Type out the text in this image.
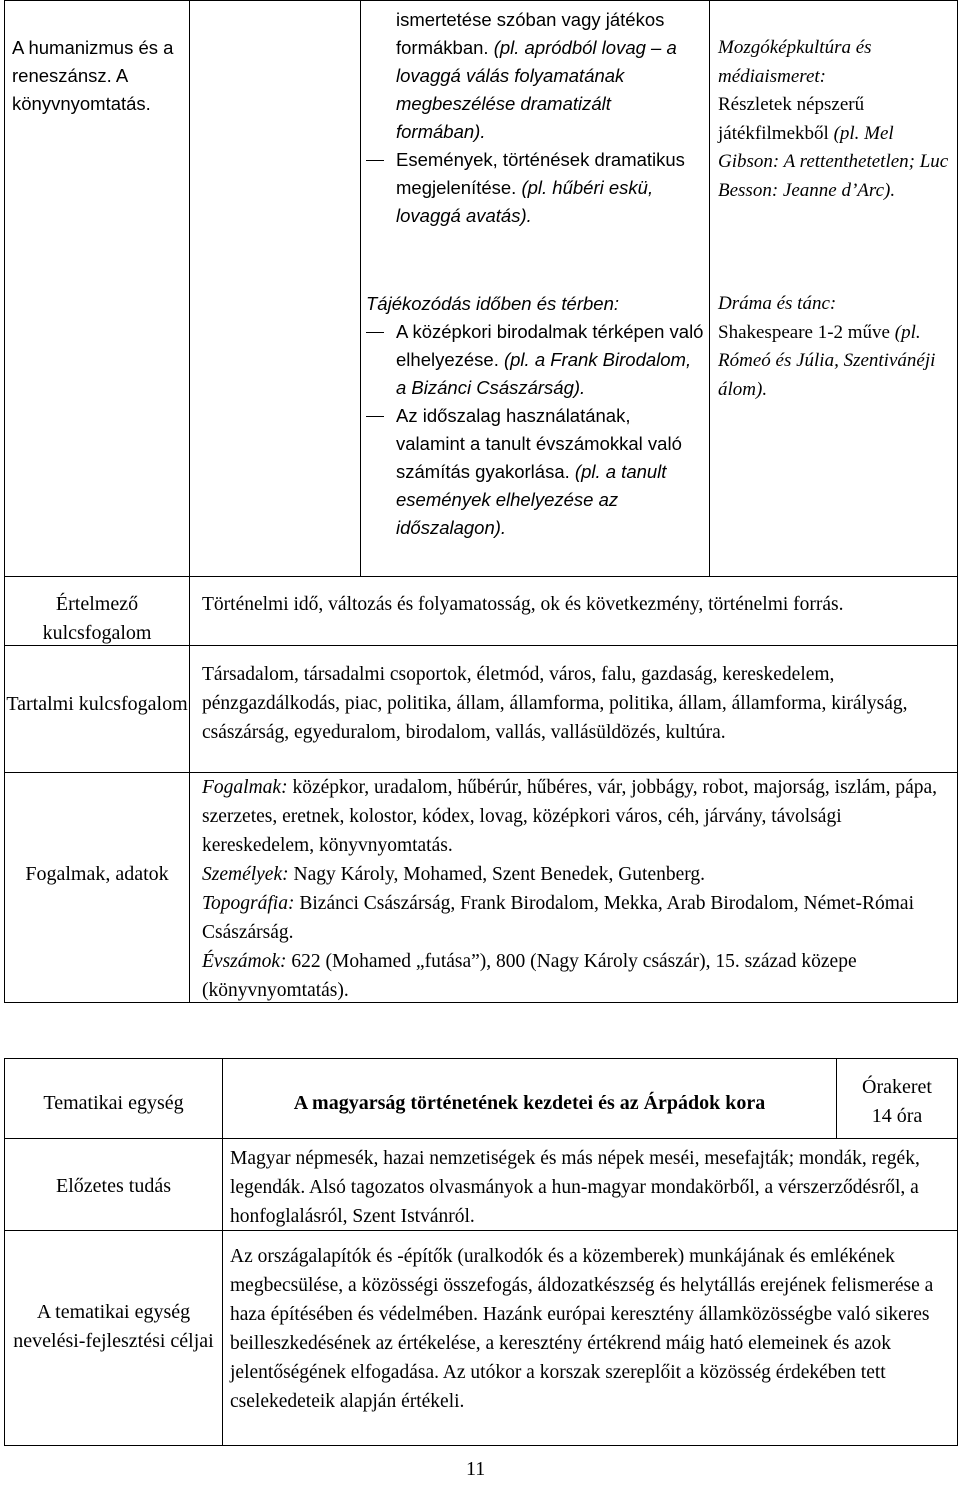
A humanizmus és a reneszánsz. A könyvnyomtatás.
ismertetése szóban vagy játékos formákban. (pl. apródból lovag – a lovaggá válás folyamatának megbeszélése dramatizált formában).
Események, történések dramatikus megjelenítése. (pl. hűbéri eskü, lovaggá avatás).
Mozgóképkultúra és médiaismeret:
Részletek népszerű játékfilmekből (pl. Mel Gibson: A rettenthetetlen; Luc Besson: Jeanne d’Arc).
Tájékozódás időben és térben:
A középkori birodalmak térképen való elhelyezése. (pl. a Frank Birodalom, a Bizánci Császárság).
Az időszalag használatának, valamint a tanult évszámokkal való számítás gyakorlása. (pl. a tanult események elhelyezése az időszalagon).
Dráma és tánc:
Shakespeare 1-2 műve (pl. Rómeó és Júlia, Szentivánéji álom).
Értelmező kulcsfogalom
Tartalmi kulcsfogalom
Fogalmak, adatok
Történelmi idő, változás és folyamatosság, ok és következmény, történelmi forrás.
Társadalom, társadalmi csoportok, életmód, város, falu, gazdaság, kereskedelem, pénzgazdálkodás, piac, politika, állam, államforma, politika, állam, államforma, királyság, császárság, egyeduralom, birodalom, vallás, vallásüldözés, kultúra.

Fogalmak: középkor, uradalom, hűbérúr, hűbéres, vár, jobbágy, robot, majorság, iszlám, pápa, szerzetes, eretnek, kolostor, kódex, lovag, középkori város, céh, járvány, távolsági kereskedelem, könyvnyomtatás.

Személyek: Nagy Károly, Mohamed, Szent Benedek, Gutenberg.

Topográfia: Bizánci Császárság, Frank Birodalom, Mekka, Arab Birodalom, Német-Római Császárság.

Évszámok: 622 (Mohamed „futása”), 800 (Nagy Károly császár), 15. század közepe (könyvnyomtatás).

Tematikai egység	A magyarság történetének kezdetei és az Árpádok kora
Órakeret
14 óra
Előzetes tudás
Magyar népmesék, hazai nemzetiségek és más népek meséi, mesefajták; mondák, regék, legendák. Alsó tagozatos olvasmányok a hun-magyar mondakörből, a vérszerződésről, a honfoglalásról, Szent Istvánról.
A tematikai egység nevelési-fejlesztési céljai
Az országalapítók és -építők (uralkodók és a közemberek) munkájának és emlékének megbecsülése, a közösségi összefogás, áldozatkészség és helytállás erejének felismerése a haza építésében és védelmében. Hazánk európai keresztény államközösségbe való sikeres beilleszkedésének az értékelése, a keresztény értékrend máig ható elemeinek és azok jelentőségének elfogadása. Az utókor a korszak szereplőit a közösség érdekében tett cselekedeteik alapján értékeli.
11
